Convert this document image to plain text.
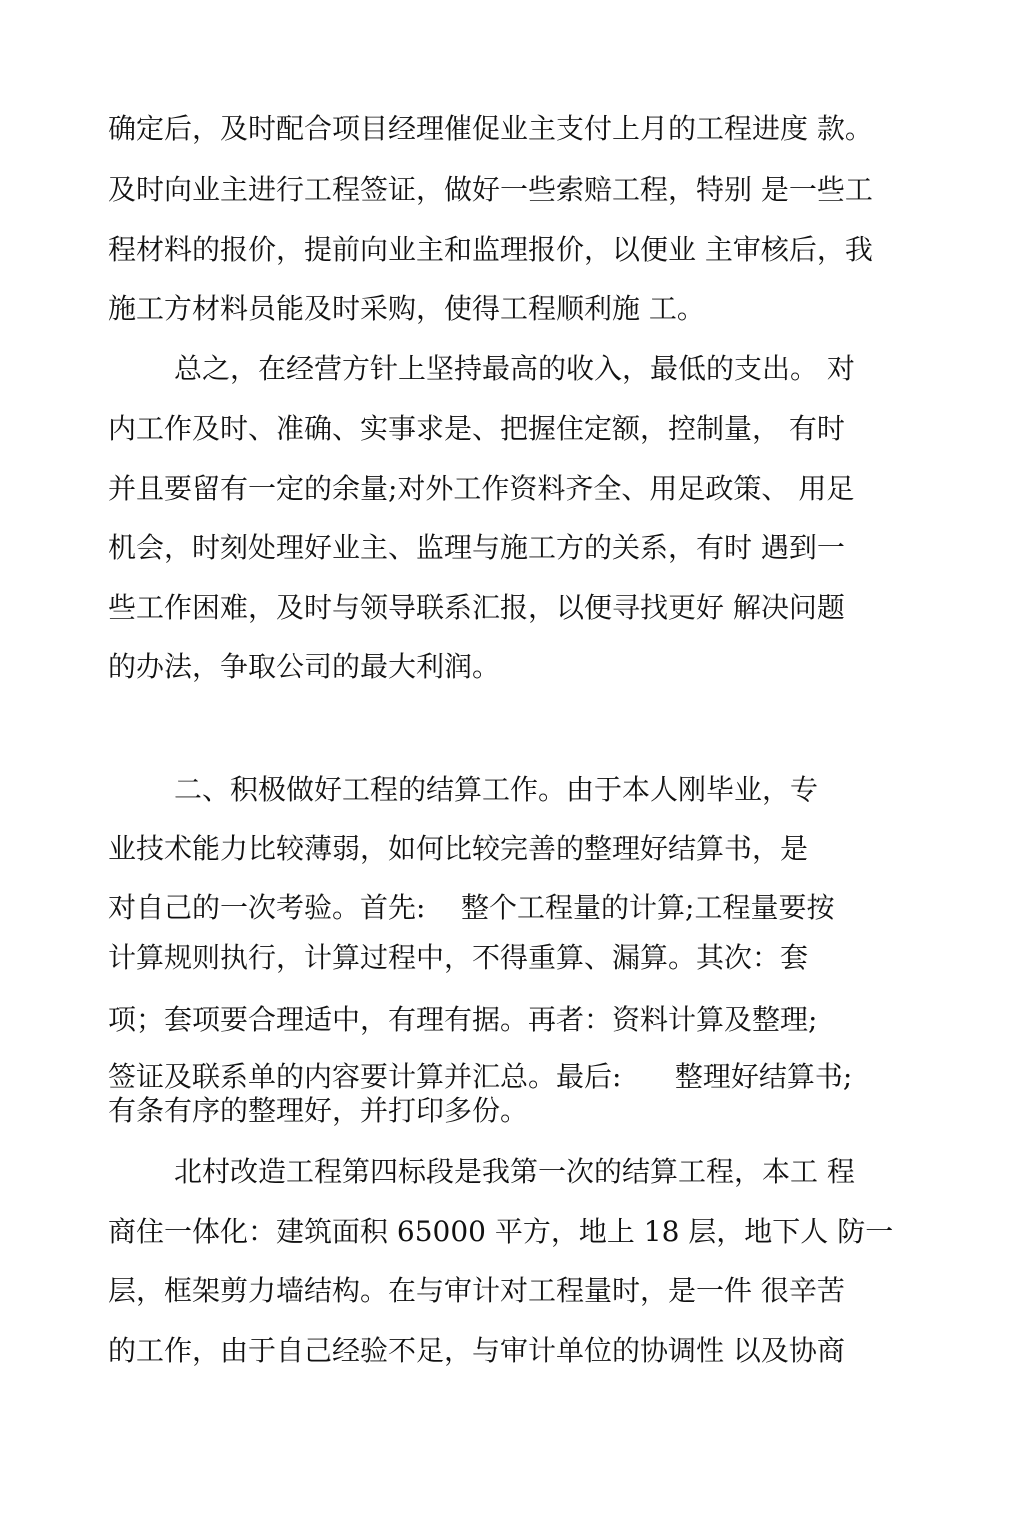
确定后，及时配合项目经理催促业主支付上月的工程进度 款。
及时向业主进行工程签证，做好一些索赔工程，特别 是一些工
程材料的报价，提前向业主和监理报价，以便业 主审核后，我
施工方材料员能及时采购，使得工程顺利施 工。
总之，在经营方针上坚持最高的收入，最低的支出。 对
内工作及时、准确、实事求是、把握住定额，控制量， 有时
并且要留有一定的余量;对外工作资料齐全、用足政策、 用足
机会，时刻处理好业主、监理与施工方的关系，有时 遇到一
些工作困难，及时与领导联系汇报，以便寻找更好 解决问题
的办法，争取公司的最大利润。
二、积极做好工程的结算工作。由于本人刚毕业，专
业技术能力比较薄弱，如何比较完善的整理好结算书，是
对自己的一次考验。首先:    整个工程量的计算;工程量要按
计算规则执行，计算过程中，不得重算、漏算。其次：套
项；套项要合理适中，有理有据。再者：资料计算及整理;
签证及联系单的内容要计算并汇总。最后:      整理好结算书;
有条有序的整理好，并打印多份。
北村改造工程第四标段是我第一次的结算工程，本工 程
商住一体化：建筑面积 65000 平方，地上 18 层，地下人 防一
层，框架剪力墙结构。在与审计对工程量时，是一件 很辛苦
的工作，由于自己经验不足，与审计单位的协调性 以及协商
